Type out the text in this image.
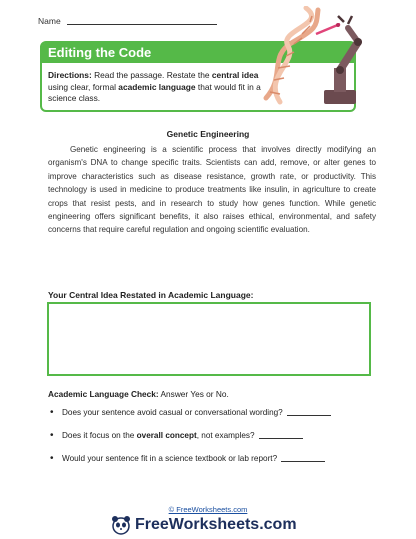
Name
Editing the Code
Directions: Read the passage. Restate the central idea using clear, formal academic language that would fit in a science class.
Genetic Engineering
Genetic engineering is a scientific process that involves directly modifying an organism's DNA to change specific traits. Scientists can add, remove, or alter genes to improve characteristics such as disease resistance, growth rate, or productivity. This technology is used in medicine to produce treatments like insulin, in agriculture to create crops that resist pests, and in research to study how genes function. While genetic engineering offers significant benefits, it also raises ethical, environmental, and safety concerns that require careful regulation and ongoing scientific evaluation.
Your Central Idea Restated in Academic Language:
Academic Language Check: Answer Yes or No.
• Does your sentence avoid casual or conversational wording?
• Does it focus on the overall concept, not examples?
• Would your sentence fit in a science textbook or lab report?
© FreeWorksheets.com
FreeWorksheets.com
